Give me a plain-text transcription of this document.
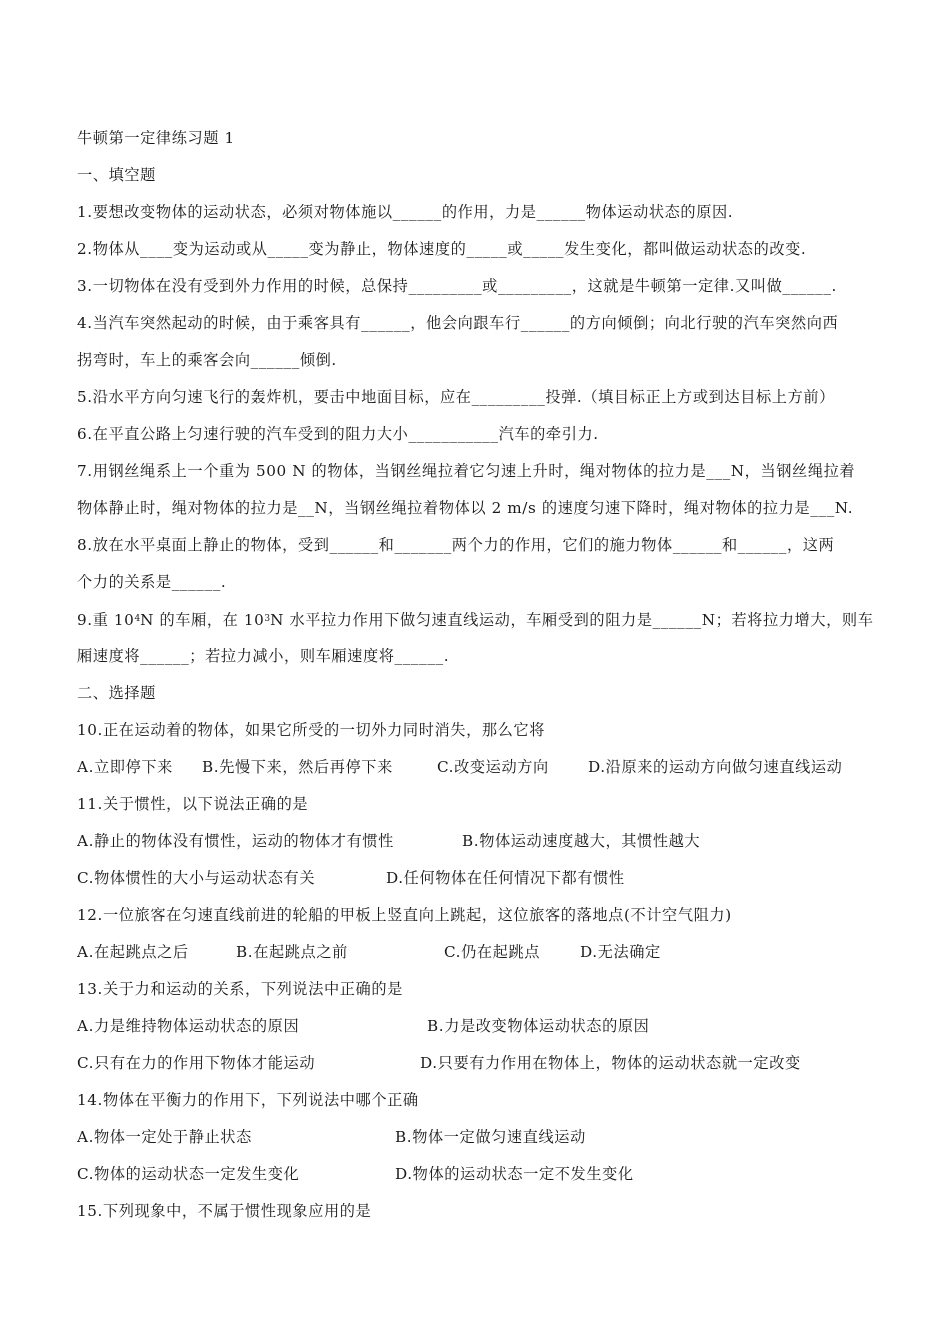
牛顿第一定律练习题 1
一、填空题
1.要想改变物体的运动状态，必须对物体施以______的作用，力是______物体运动状态的原因.
2.物体从____变为运动或从_____变为静止，物体速度的_____或_____发生变化，都叫做运动状态的改变.
3.一切物体在没有受到外力作用的时候，总保持_________或_________，这就是牛顿第一定律.又叫做______.
4.当汽车突然起动的时候，由于乘客具有______，他会向跟车行______的方向倾倒；向北行驶的汽车突然向西
拐弯时，车上的乘客会向______倾倒.
5.沿水平方向匀速飞行的轰炸机，要击中地面目标，应在_________投弹.（填目标正上方或到达目标上方前）
6.在平直公路上匀速行驶的汽车受到的阻力大小___________汽车的牵引力.
7.用钢丝绳系上一个重为 500 N 的物体，当钢丝绳拉着它匀速上升时，绳对物体的拉力是___N，当钢丝绳拉着
物体静止时，绳对物体的拉力是__N，当钢丝绳拉着物体以 2 m/s 的速度匀速下降时，绳对物体的拉力是___N.
8.放在水平桌面上静止的物体，受到______和_______两个力的作用，它们的施力物体______和______，这两
个力的关系是______.
9.重 $10^4N$ 的车厢，在 $10^3N$ 水平拉力作用下做匀速直线运动，车厢受到的阻力是______N；若将拉力增大，则车
厢速度将______；若拉力减小，则车厢速度将______.
二、选择题
10.正在运动着的物体，如果它所受的一切外力同时消失，那么它将

A.立即停下来

B.先慢下来，然后再停下来

	C.改变运动方向

	D.沿原来的运动方向做匀速直线运动

11.关于惯性，以下说法正确的是

A.静止的物体没有惯性，运动的物体才有惯性

	B.物体运动速度越大，其惯性越大

C.物体惯性的大小与运动状态有关

	D.任何物体在任何情况下都有惯性

12.一位旅客在匀速直线前进的轮船的甲板上竖直向上跳起，这位旅客的落地点(不计空气阻力)

A.在起跳点之后

	B.在起跳点之前

	C.仍在起跳点

	D.无法确定

13.关于力和运动的关系，下列说法中正确的是

A.力是维持物体运动状态的原因

	B.力是改变物体运动状态的原因

C.只有在力的作用下物体才能运动

	D.只要有力作用在物体上，物体的运动状态就一定改变

14.物体在平衡力的作用下，下列说法中哪个正确

A.物体一定处于静止状态

	B.物体一定做匀速直线运动

C.物体的运动状态一定发生变化

	D.物体的运动状态一定不发生变化

15.下列现象中，不属于惯性现象应用的是
